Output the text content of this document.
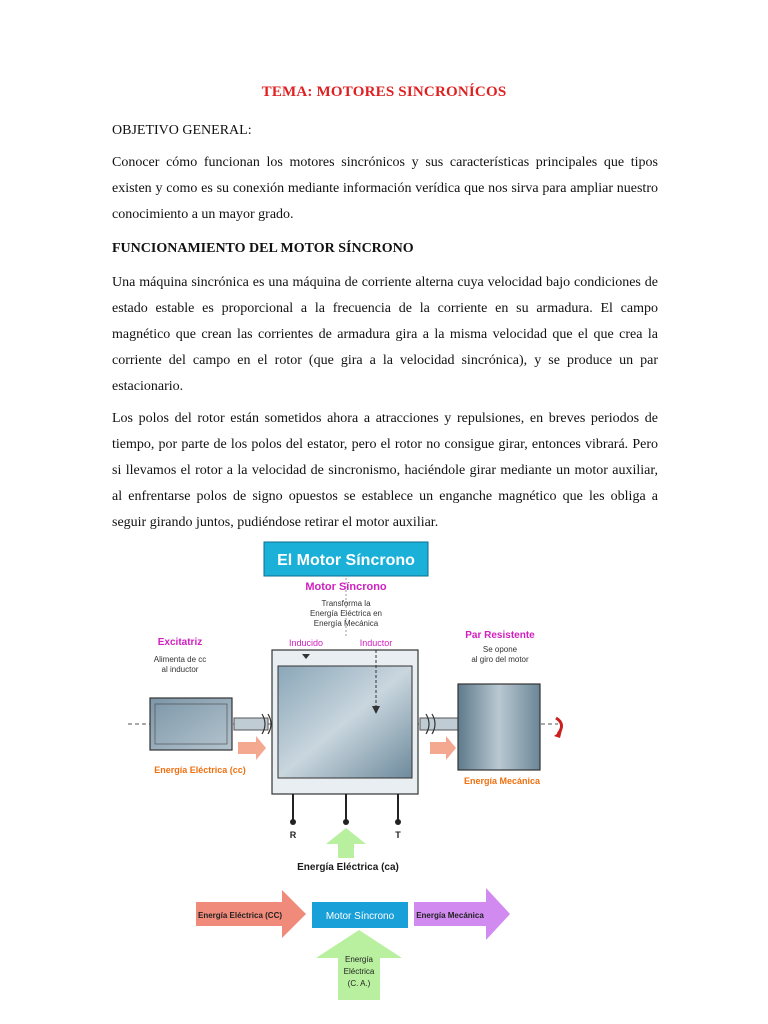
TEMA: MOTORES SINCRONÍCOS
OBJETIVO GENERAL:
Conocer cómo funcionan los motores sincrónicos y sus características principales que tipos existen y como es su conexión mediante información verídica que nos sirva para ampliar nuestro conocimiento a un mayor grado.
FUNCIONAMIENTO DEL MOTOR SÍNCRONO
Una máquina sincrónica es una máquina de corriente alterna cuya velocidad bajo condiciones de estado estable es proporcional a la frecuencia de la corriente en su armadura. El campo magnético que crean las corrientes de armadura gira a la misma velocidad que el que crea la corriente del campo en el rotor (que gira a la velocidad sincrónica), y se produce un par estacionario.
Los polos del rotor están sometidos ahora a atracciones y repulsiones, en breves periodos de tiempo, por parte de los polos del estator, pero el rotor no consigue girar, entonces vibrará. Pero si llevamos el rotor a la velocidad de sincronismo, haciéndole girar mediante un motor auxiliar, al enfrentarse polos de signo opuestos se establece un enganche magnético que les obliga a seguir girando juntos, pudiéndose retirar el motor auxiliar.
El Motor Síncrono
Motor Síncrono
Transforma la
Energía Eléctrica en
Energía Mecánica
Inducido	Inductor
Excitatriz
Alimenta de cc
al inductor
Par Resistente
Se opone
al giro del motor
Energía Eléctrica (cc)
Energía Mecánica
R	T
Energía Eléctrica (ca)
Energía Eléctrica (CC)	Motor Síncrono	Energía Mecánica
Energía
Eléctrica
(C. A.)
